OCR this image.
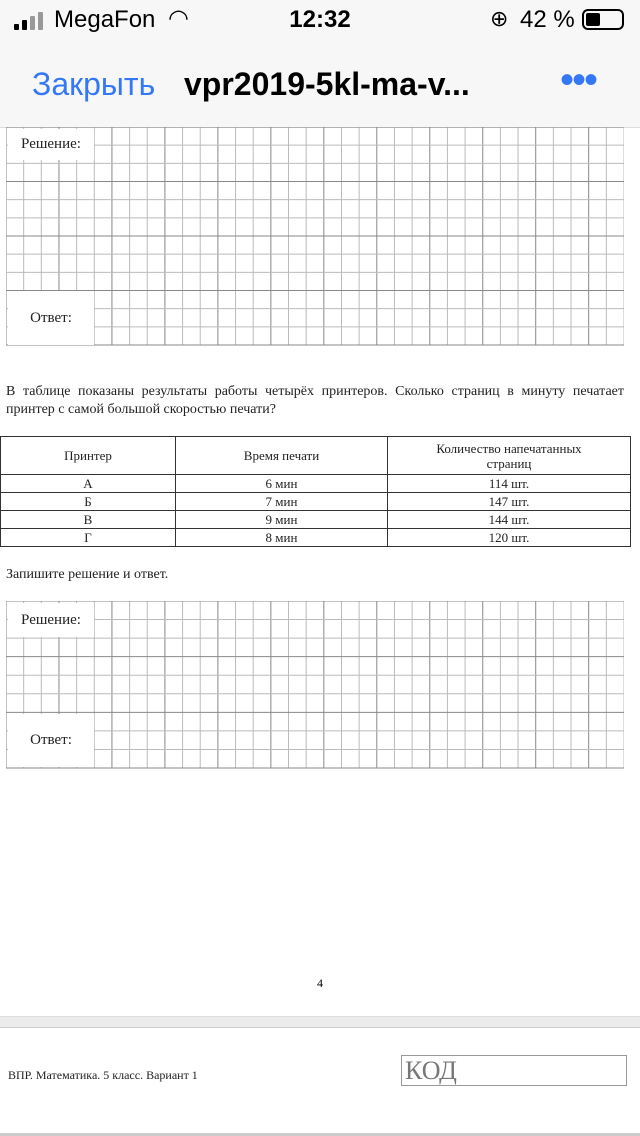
MegaFon ◠	12:32	⊕ 42 %
Закрыть vpr2019-5kl-ma-v... •••
Решение:
Ответ:

В таблице показаны результаты работы четырёх принтеров. Сколько страниц в минуту печатает принтер с самой большой скоростью печати?

Принтер	Время печати	Количество напечатанных страниц
А	6 мин	114 шт.
Б	7 мин	147 шт.
В	9 мин	144 шт.
Г	8 мин	120 шт.

Запишите решение и ответ.

Решение:
Ответ:
4
ВПР. Математика. 5 класс. Вариант 1	КОД
